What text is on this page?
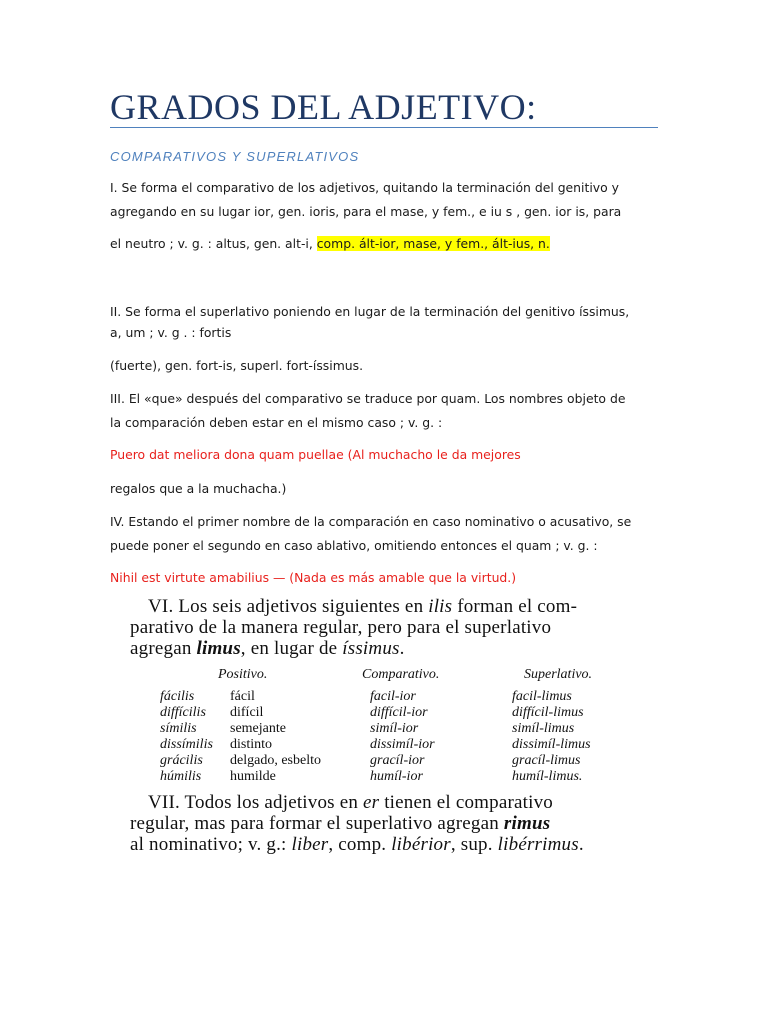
GRADOS DEL ADJETIVO:
COMPARATIVOS Y SUPERLATIVOS
I. Se forma el comparativo de los adjetivos, quitando la terminación del genitivo y
agregando en su lugar ior, gen. ioris, para el mase, y fem., e iu s , gen. ior is, para
el neutro ; v. g. : altus, gen. alt-i, comp. ált-ior, mase, y fem., ált-ius, n.
II. Se forma el superlativo poniendo en lugar de la terminación del genitivo íssimus,
a, um ; v. g . : fortis
(fuerte), gen. fort-is, superl. fort-íssimus.
III. El «que» después del comparativo se traduce por quam. Los nombres objeto de
la comparación deben estar en el mismo caso ; v. g. :
Puero dat meliora dona quam puellae (Al muchacho le da mejores
regalos que a la muchacha.)
IV. Estando el primer nombre de la comparación en caso nominativo o acusativo, se
puede poner el segundo en caso ablativo, omitiendo entonces el quam ; v. g. :
Nihil est virtute amabilius — (Nada es más amable que la virtud.)
VI. Los seis adjetivos siguientes en ilis forman el com-
parativo de la manera regular, pero para el superlativo
agregan limus, en lugar de íssimus.
Positivo.	Comparativo.	Superlativo.
fácilis	fácil	facil-ior	facil-limus
diffícilis difícil	diffícil-ior	diffícil-limus
símilis semejante	simíl-ior	simíl-limus
dissímilis distinto	dissimíl-ior	dissimíl-limus
grácilis delgado, esbelto	gracíl-ior	gracíl-limus
húmilis humilde	humíl-ior	humíl-limus.
VII. Todos los adjetivos en er tienen el comparativo
regular, mas para formar el superlativo agregan rimus
al nominativo; v. g.: liber, comp. libérior, sup. libérrimus.
